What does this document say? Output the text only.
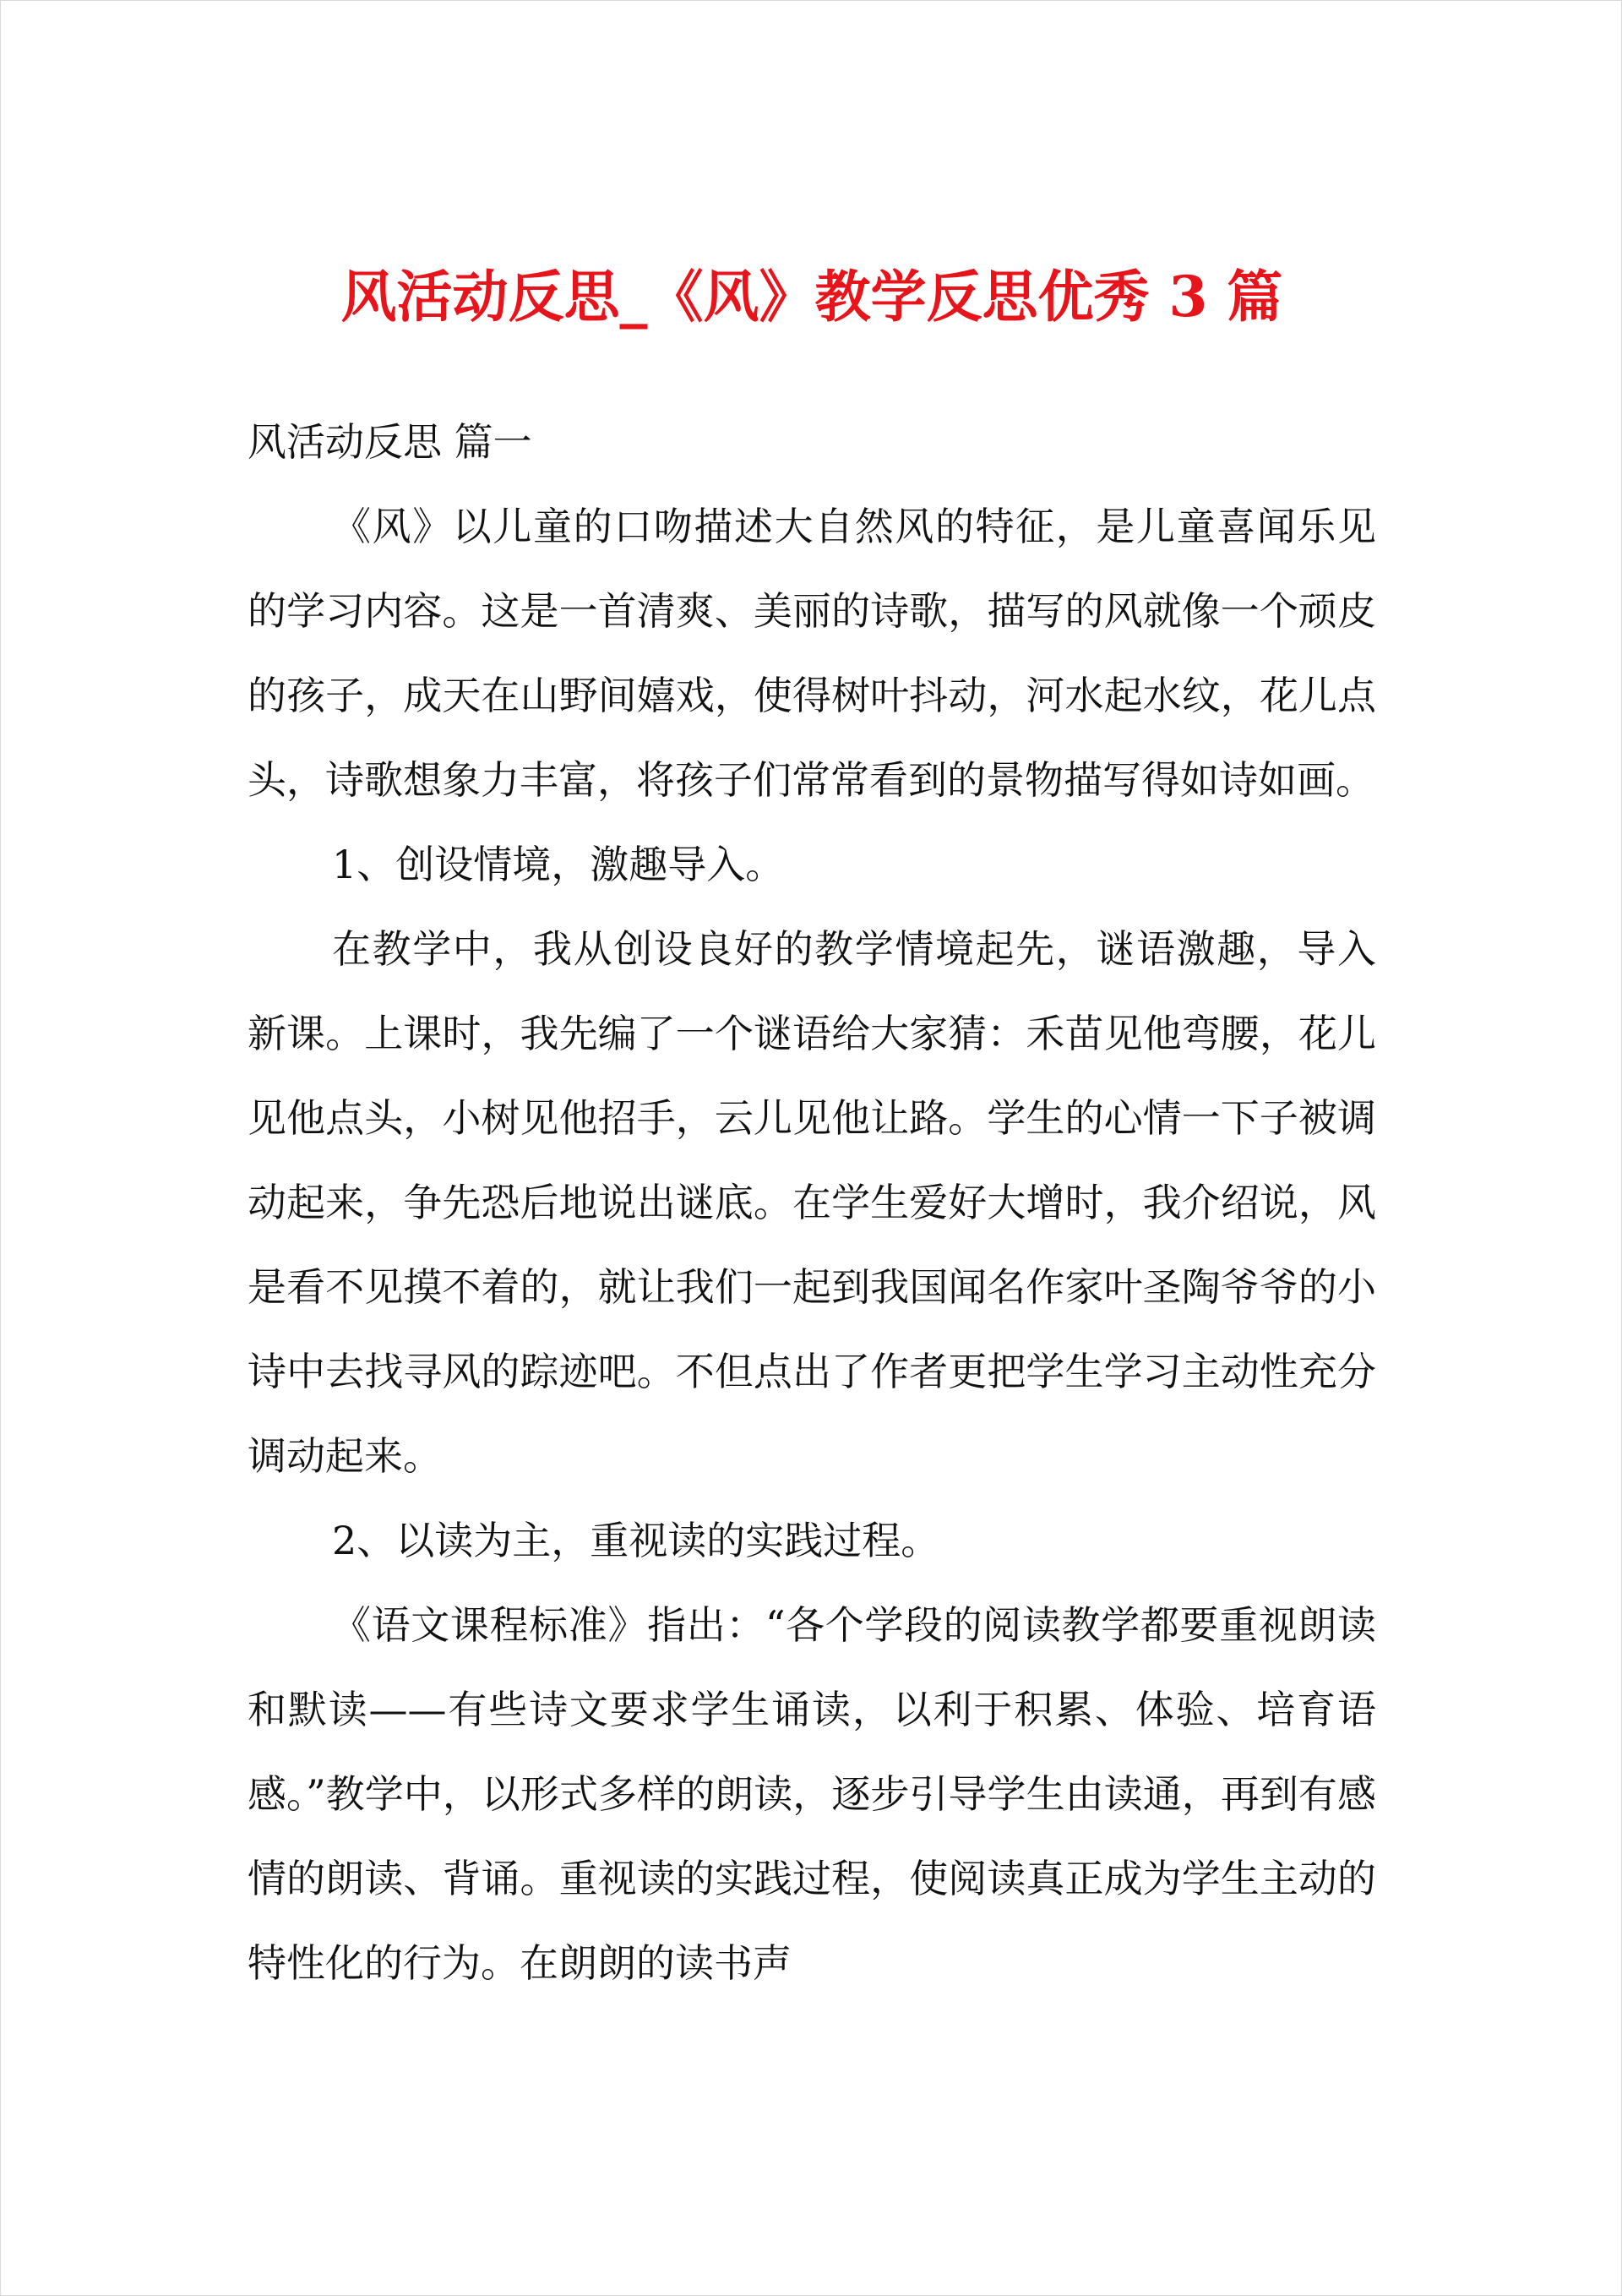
风活动反思_《风》教学反思优秀 3 篇

风活动反思 篇一

《风》以儿童的口吻描述大自然风的特征，是儿童喜闻乐见的学习内容。这是一首清爽、美丽的诗歌，描写的风就像一个顽皮的孩子，成天在山野间嬉戏，使得树叶抖动，河水起水纹，花儿点头，诗歌想象力丰富，将孩子们常常看到的景物描写得如诗如画。

1、创设情境，激趣导入。

在教学中，我从创设良好的教学情境起先，谜语激趣，导入新课。上课时，我先编了一个谜语给大家猜：禾苗见他弯腰，花儿见他点头，小树见他招手，云儿见他让路。学生的心情一下子被调动起来，争先恐后地说出谜底。在学生爱好大增时，我介绍说，风是看不见摸不着的，就让我们一起到我国闻名作家叶圣陶爷爷的小诗中去找寻风的踪迹吧。不但点出了作者更把学生学习主动性充分调动起来。

2、以读为主，重视读的实践过程。

《语文课程标准》指出：“各个学段的阅读教学都要重视朗读和默读——有些诗文要求学生诵读，以利于积累、体验、培育语感。”教学中，以形式多样的朗读，逐步引导学生由读通，再到有感情的朗读、背诵。重视读的实践过程，使阅读真正成为学生主动的特性化的行为。在朗朗的读书声
